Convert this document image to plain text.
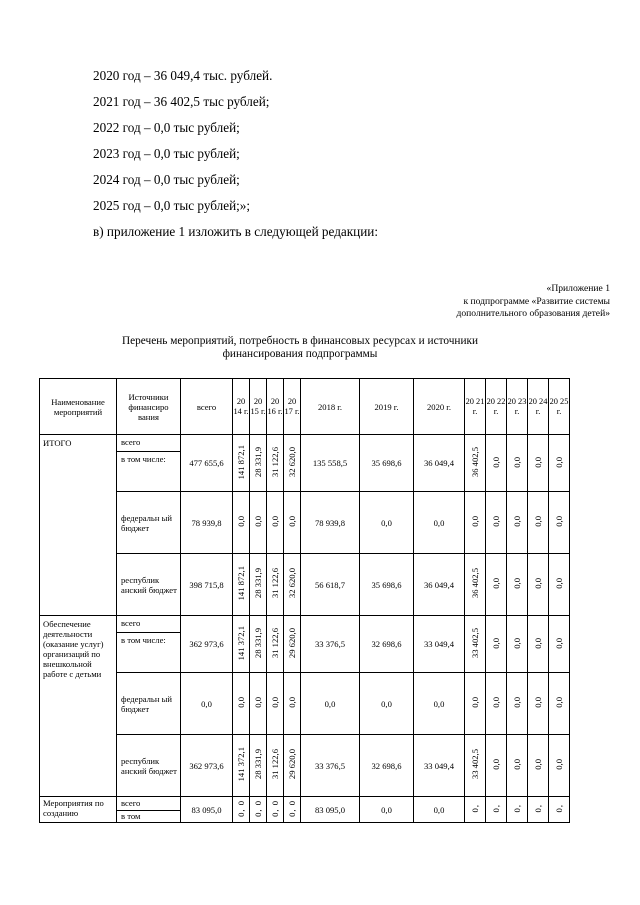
2020 год – 36 049,4 тыс. рублей.
2021 год – 36 402,5 тыс рублей;
2022 год – 0,0 тыс рублей;
2023 год – 0,0 тыс рублей;
2024 год – 0,0 тыс рублей;
2025 год – 0,0 тыс рублей;»;
в) приложение 1 изложить в следующей редакции:
«Приложение 1
к подпрограмме «Развитие системы
дополнительного образования детей»
Перечень мероприятий, потребность в финансовых ресурсах и источники
финансирования подпрограммы
Наименование мероприятий	Источники финансиро вания	всего	20 14 г.	20 15 г.	20 16 г.	20 17 г.	2018 г.	2019 г.	2020 г.	20 21 г.	20 22 г.	20 23 г.	20 24 г.	20 25 г.
ИТОГО	всего	477 655,6	141 872,1	28 331,9	31 122,6	32 620,0	135 558,5	35 698,6	36 049,4	36 402,5	0,0	0,0	0,0	0,0
	в том числе:													
	федеральн ый бюджет	78 939,8	0,0	0,0	0,0	0,0	78 939,8	0,0	0,0	0,0	0,0	0,0	0,0	0,0
	республик анский бюджет	398 715,8	141 872,1	28 331,9	31 122,6	32 620,0	56 618,7	35 698,6	36 049,4	36 402,5	0,0	0,0	0,0	0,0
Обеспечение деятельности (оказание услуг) организаций по внешкольной работе с детьми	всего	362 973,6	141 372,1	28 331,9	31 122,6	29 620,0	33 376,5	32 698,6	33 049,4	33 402,5	0,0	0,0	0,0	0,0
	в том числе:													
	федеральн ый бюджет	0,0	0,0	0,0	0,0	0,0	0,0	0,0	0,0	0,0	0,0	0,0	0,0	0,0
	республик анский бюджет	362 973,6	141 372,1	28 331,9	31 122,6	29 620,0	33 376,5	32 698,6	33 049,4	33 402,5	0,0	0,0	0,0	0,0
Мероприятия по созданию	всего	83 095,0	0, 0	0, 0	0, 0	0, 0	83 095,0	0,0	0,0	0,	0,	0,	0,	0,
	в том													
